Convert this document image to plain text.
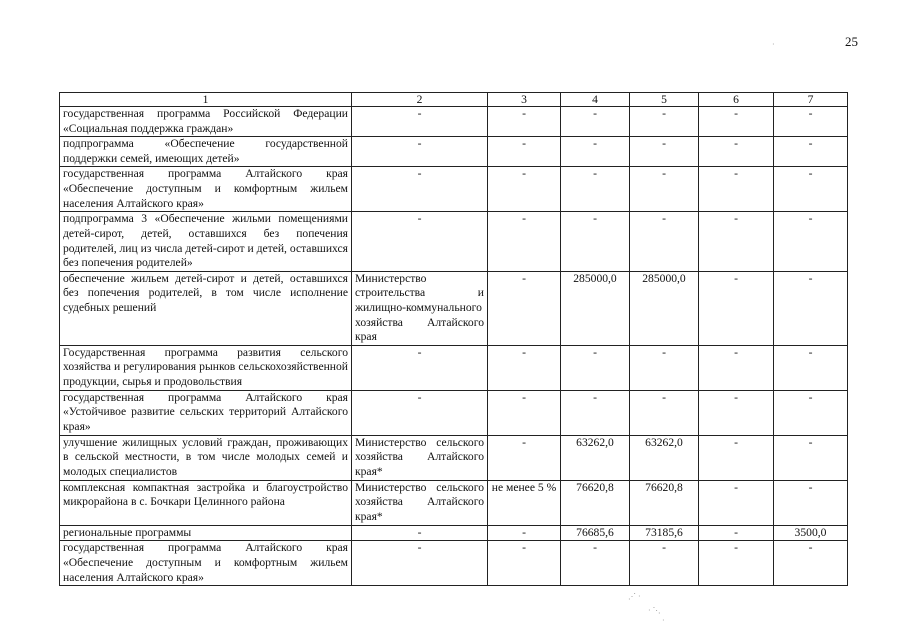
25
1	2	3	4	5	6	7
государственная программа Российской Федерации «Социальная поддержка граждан»	-	-	-	-	-	-
подпрограмма «Обеспечение государственной поддержки семей, имеющих детей»	-	-	-	-	-	-
государственная программа Алтайского края «Обеспечение доступным и комфортным жильем населения Алтайского края»	-	-	-	-	-	-
подпрограмма 3 «Обеспечение жильми помещениями детей-сирот, детей, оставшихся без попечения родителей, лиц из числа детей-сирот и детей, оставшихся без попечения родителей»	-	-	-	-	-	-
обеспечение жильем детей-сирот и детей, оставшихся без попечения родителей, в том числе исполнение судебных решений	Министерство строительства и жилищно-коммунального хозяйства Алтайского края	-	285000,0	285000,0	-	-
Государственная программа развития сельского хозяйства и регулирования рынков сельскохозяйственной продукции, сырья и продовольствия	-	-	-	-	-	-
государственная программа Алтайского края «Устойчивое развитие сельских территорий Алтайского края»	-	-	-	-	-	-
улучшение жилищных условий граждан, проживающих в сельской местности, в том числе молодых семей и молодых специалистов	Министерство сельского хозяйства Алтайского края*	-	63262,0	63262,0	-	-
комплексная компактная застройка и благоустройство микрорайона в с. Бочкари Целинного района	Министерство сельского хозяйства Алтайского края*	не менее 5 %	76620,8	76620,8	-	-
региональные программы	-	-	76685,6	73185,6	-	3500,0
государственная программа Алтайского края «Обеспечение доступным и комфортным жильем населения Алтайского края»	-	-	-	-	-	-
·
⋰ ·
· ⋱
·
